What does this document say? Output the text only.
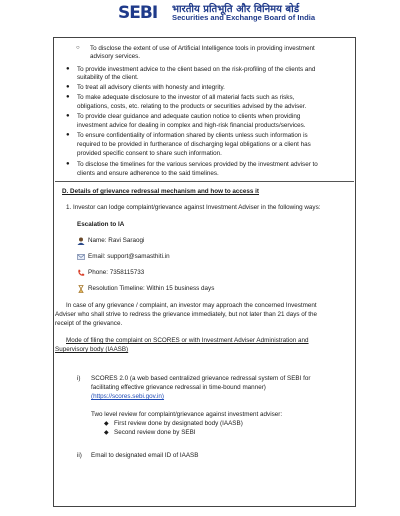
SEBI भारतीय प्रतिभूति और विनिमय बोर्ड
Securities and Exchange Board of India
○ To disclose the extent of use of Artificial Intelligence tools in providing investment
advisory services.
● To provide investment advice to the client based on the risk-profiling of the clients and
suitability of the client.
● To treat all advisory clients with honesty and integrity.
● To make adequate disclosure to the investor of all material facts such as risks,
obligations, costs, etc. relating to the products or securities advised by the adviser.
● To provide clear guidance and adequate caution notice to clients when providing
investment advice for dealing in complex and high-risk financial products/services.
● To ensure confidentiality of information shared by clients unless such information is
required to be provided in furtherance of discharging legal obligations or a client has
provided specific consent to share such information.
● To disclose the timelines for the various services provided by the investment adviser to
clients and ensure adherence to the said timelines.
D. Details of grievance redressal mechanism and how to access it
1. Investor can lodge complaint/grievance against Investment Adviser in the following ways:
Escalation to IA
Name: Ravi Saraogi
Email: support@samasthiti.in
Phone: 7358115733
Resolution Timeline: Within 15 business days
In case of any grievance / complaint, an investor may approach the concerned Investment
Adviser who shall strive to redress the grievance immediately, but not later than 21 days of the
receipt of the grievance.
Mode of filing the complaint on SCORES or with Investment Adviser Administration and
Supervisory body (IAASB)
i) SCORES 2.0 (a web based centralized grievance redressal system of SEBI for
facilitating effective grievance redressal in time-bound manner)
(https://scores.sebi.gov.in)
Two level review for complaint/grievance against investment adviser:
◆ First review done by designated body (IAASB)
◆ Second review done by SEBI
ii) Email to designated email ID of IAASB
